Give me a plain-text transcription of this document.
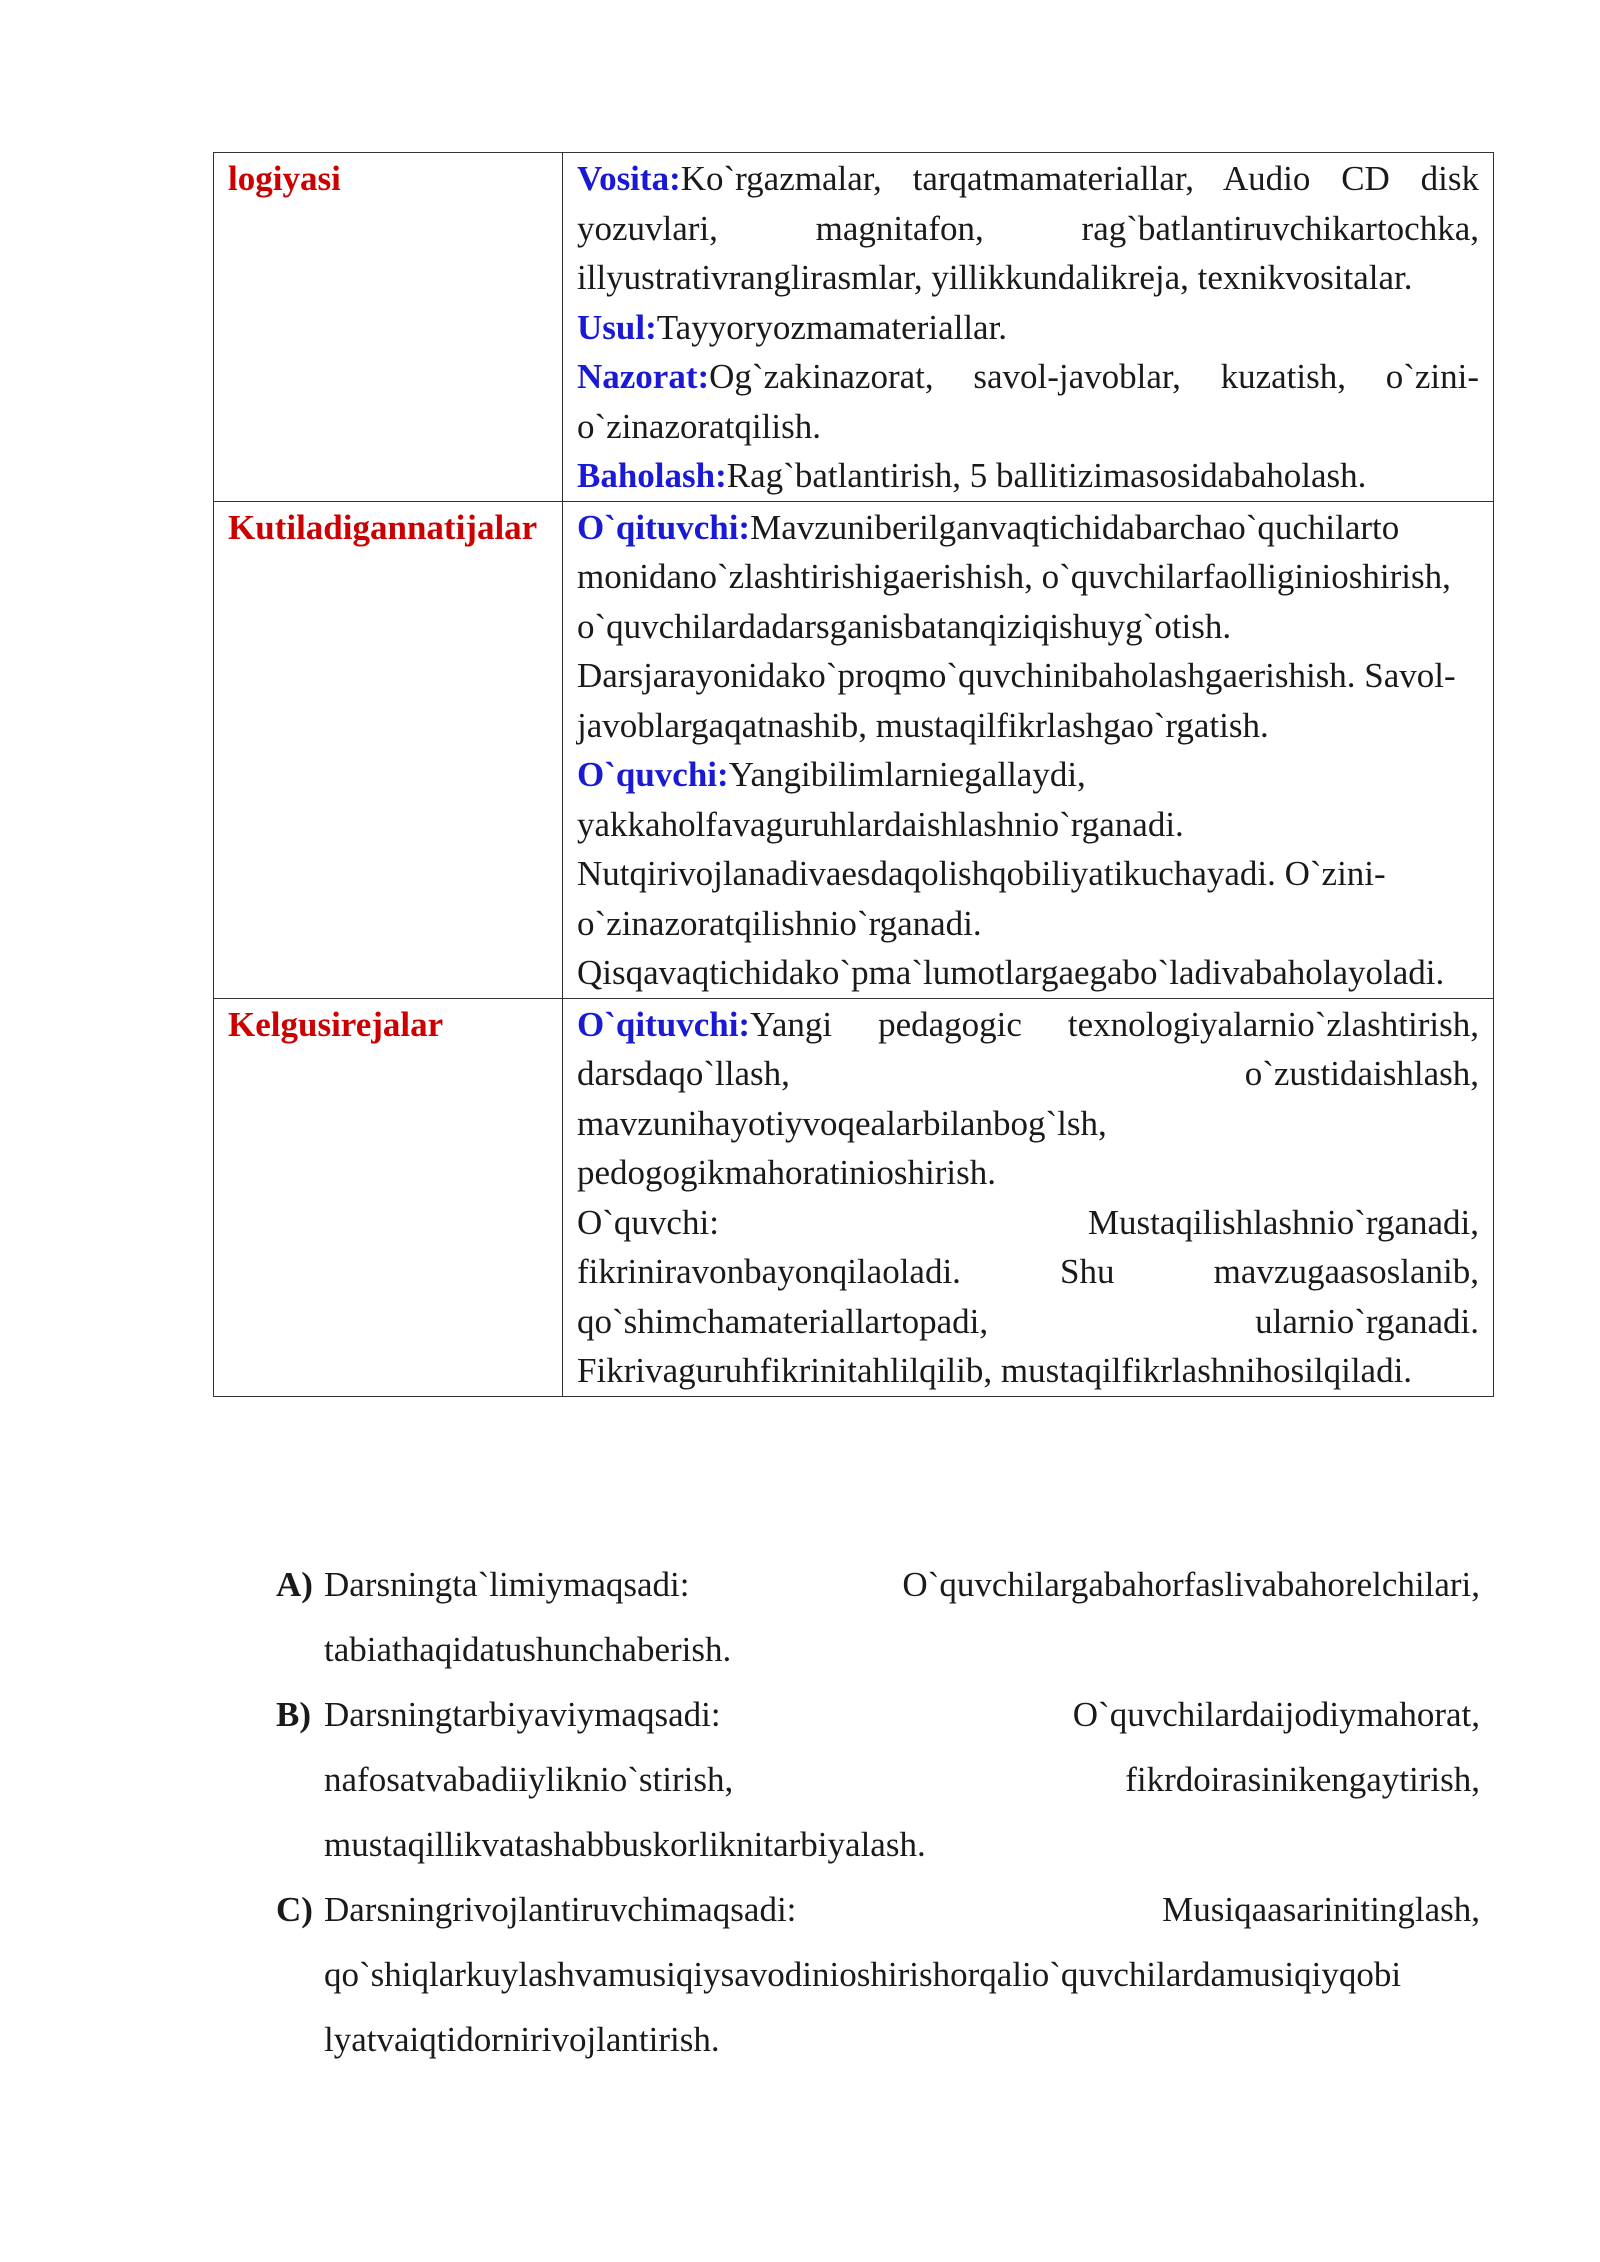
logiyasi	Vosita:Ko`rgazmalar, tarqatmamateriallar, Audio CD disk yozuvlari, magnitafon, rag`batlantiruvchikartochka, illyustrativranglirasmlar, yillikkundalikreja, texnikvositalar.

Usul:Tayyoryozmamateriallar.

Nazorat:Og`zakinazorat, savol-javoblar, kuzatish, o`zini-o`zinazoratqilish.

Baholash:Rag`batlantirish, 5 ballitizimasosidabaholash.

Kutiladigannatijalar	O`qituvchi:Mavzuniberilganvaqtichidabarchao`quchilarto monidano`zlashtirishigaerishish, o`quvchilarfaolliginioshirish, o`quvchilardadarsganisbatanqiziqishuyg`otish. Darsjarayonidako`proqmo`quvchinibaholashgaerishish. Savol-javoblargaqatnashib, mustaqilfikrlashgao`rgatish.

O`quvchi:Yangibilimlarniegallaydi, yakkaholfavaguruhlardaishlashnio`rganadi. Nutqirivojlanadivaesdaqolishqobiliyatikuchayadi. O`zini-o`zinazoratqilishnio`rganadi. Qisqavaqtichidako`pma`lumotlargaegabo`ladivabaholayoladi.

Kelgusirejalar	O`qituvchi:Yangi pedagogic texnologiyalarnio`zlashtirish, darsdaqo`llash, o`zustidaishlash, mavzunihayotiyvoqealarbilanbog`lsh, pedogogikmahoratinioshirish.

O`quvchi: Mustaqilishlashnio`rganadi, fikriniravonbayonqilaoladi. Shu mavzugaasoslanib, qo`shimchamateriallartopadi, ularnio`rganadi. Fikrivaguruhfikrinitahlilqilib, mustaqilfikrlashnihosilqiladi.

A) Darsningta`limiymaqsadi: O`quvchilargabahorfaslivabahorelchilari,
tabiathaqidatushunchaberish.
B) Darsningtarbiyaviymaqsadi: O`quvchilardaijodiymahorat,
nafosatvabadiiyliknio`stirish, fikrdoirasinikengaytirish,
mustaqillikvatashabbuskorliknitarbiyalash.
C) Darsningrivojlantiruvchimaqsadi: Musiqaasarinitinglash,
qo`shiqlarkuylashvamusiqiysavodinioshirishorqalio`quvchilardamusiqiyqobi
lyatvaiqtidornirivojlantirish.
